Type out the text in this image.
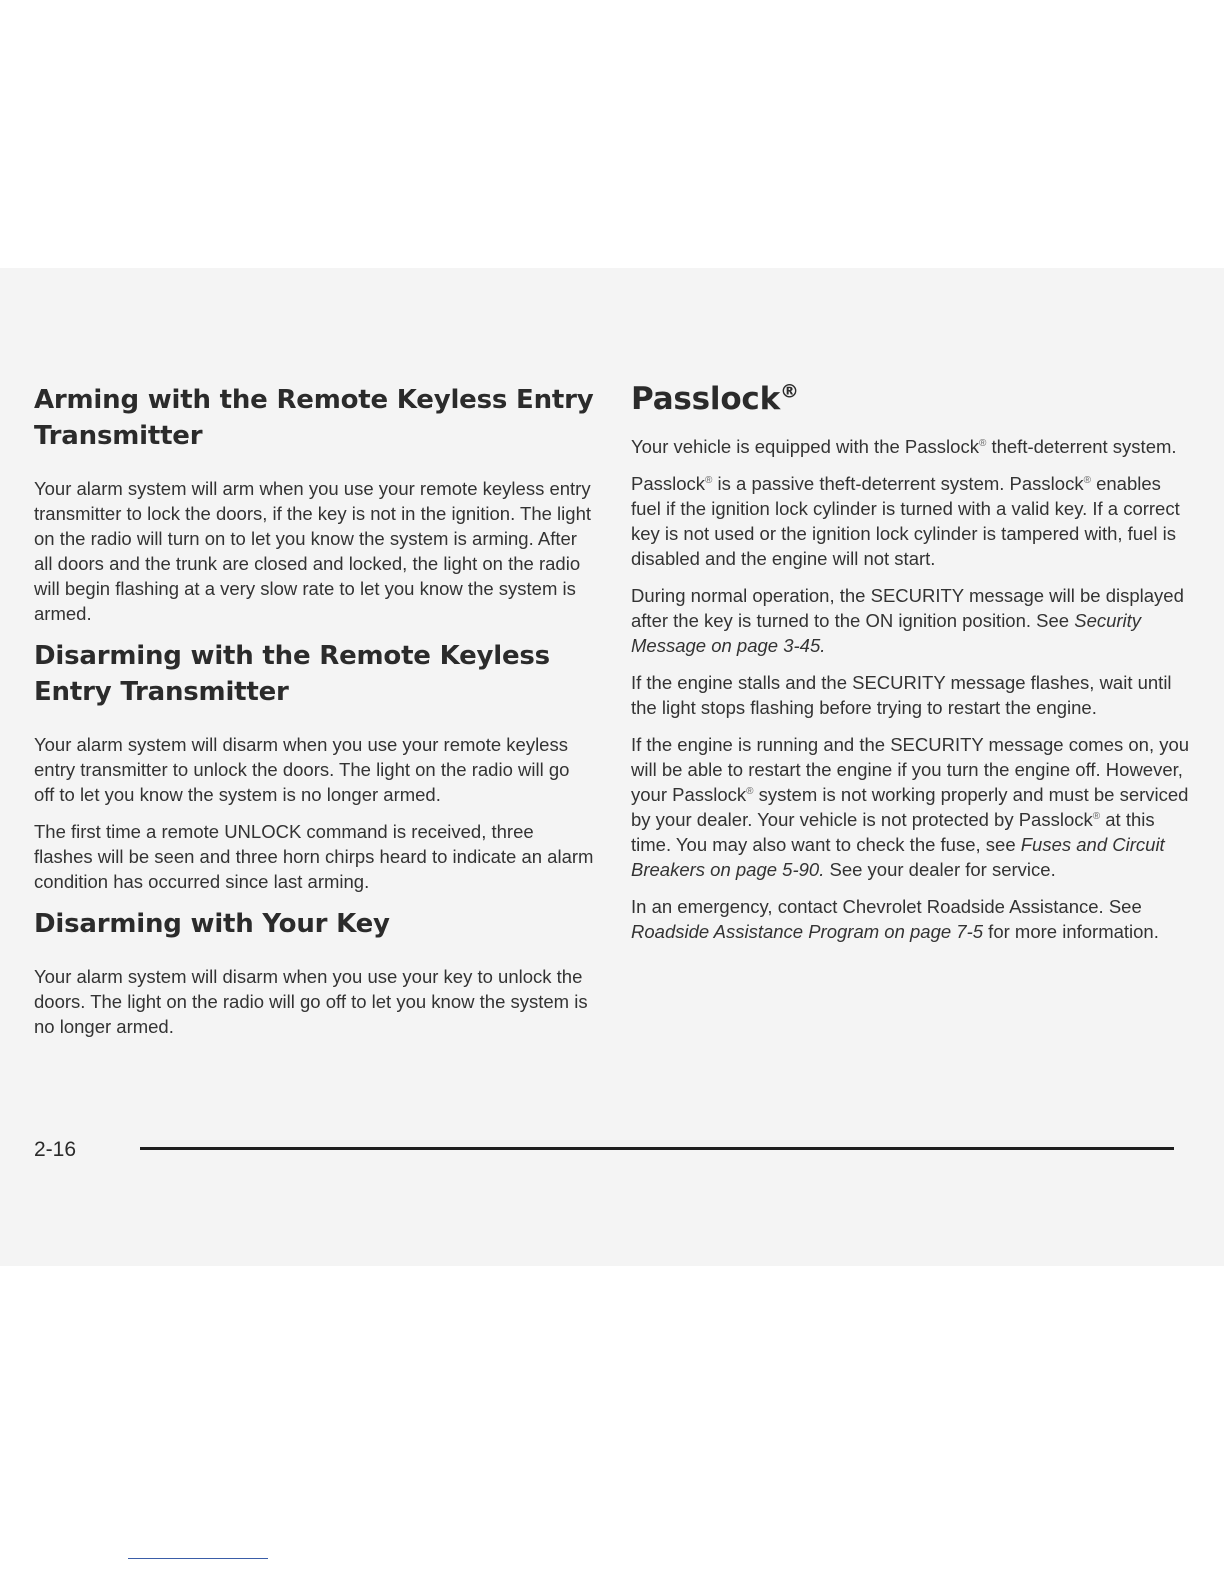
Arming with the Remote Keyless Entry Transmitter

Your alarm system will arm when you use your remote keyless entry transmitter to lock the doors, if the key is not in the ignition. The light on the radio will turn on to let you know the system is arming. After all doors and the trunk are closed and locked, the light on the radio will begin flashing at a very slow rate to let you know the system is armed.

Disarming with the Remote Keyless Entry Transmitter

Your alarm system will disarm when you use your remote keyless entry transmitter to unlock the doors. The light on the radio will go off to let you know the system is no longer armed.

The first time a remote UNLOCK command is received, three flashes will be seen and three horn chirps heard to indicate an alarm condition has occurred since last arming.

Disarming with Your Key

Your alarm system will disarm when you use your key to unlock the doors. The light on the radio will go off to let you know the system is no longer armed.

Passlock®

Your vehicle is equipped with the Passlock® theft-deterrent system.

Passlock® is a passive theft-deterrent system. Passlock® enables fuel if the ignition lock cylinder is turned with a valid key. If a correct key is not used or the ignition lock cylinder is tampered with, fuel is disabled and the engine will not start.

During normal operation, the SECURITY message will be displayed after the key is turned to the ON ignition position. See Security Message on page 3-45.

If the engine stalls and the SECURITY message flashes, wait until the light stops flashing before trying to restart the engine.

If the engine is running and the SECURITY message comes on, you will be able to restart the engine if you turn the engine off. However, your Passlock® system is not working properly and must be serviced by your dealer. Your vehicle is not protected by Passlock® at this time. You may also want to check the fuse, see Fuses and Circuit Breakers on page 5-90. See your dealer for service.

In an emergency, contact Chevrolet Roadside Assistance. See Roadside Assistance Program on page 7-5 for more information.

2-16
